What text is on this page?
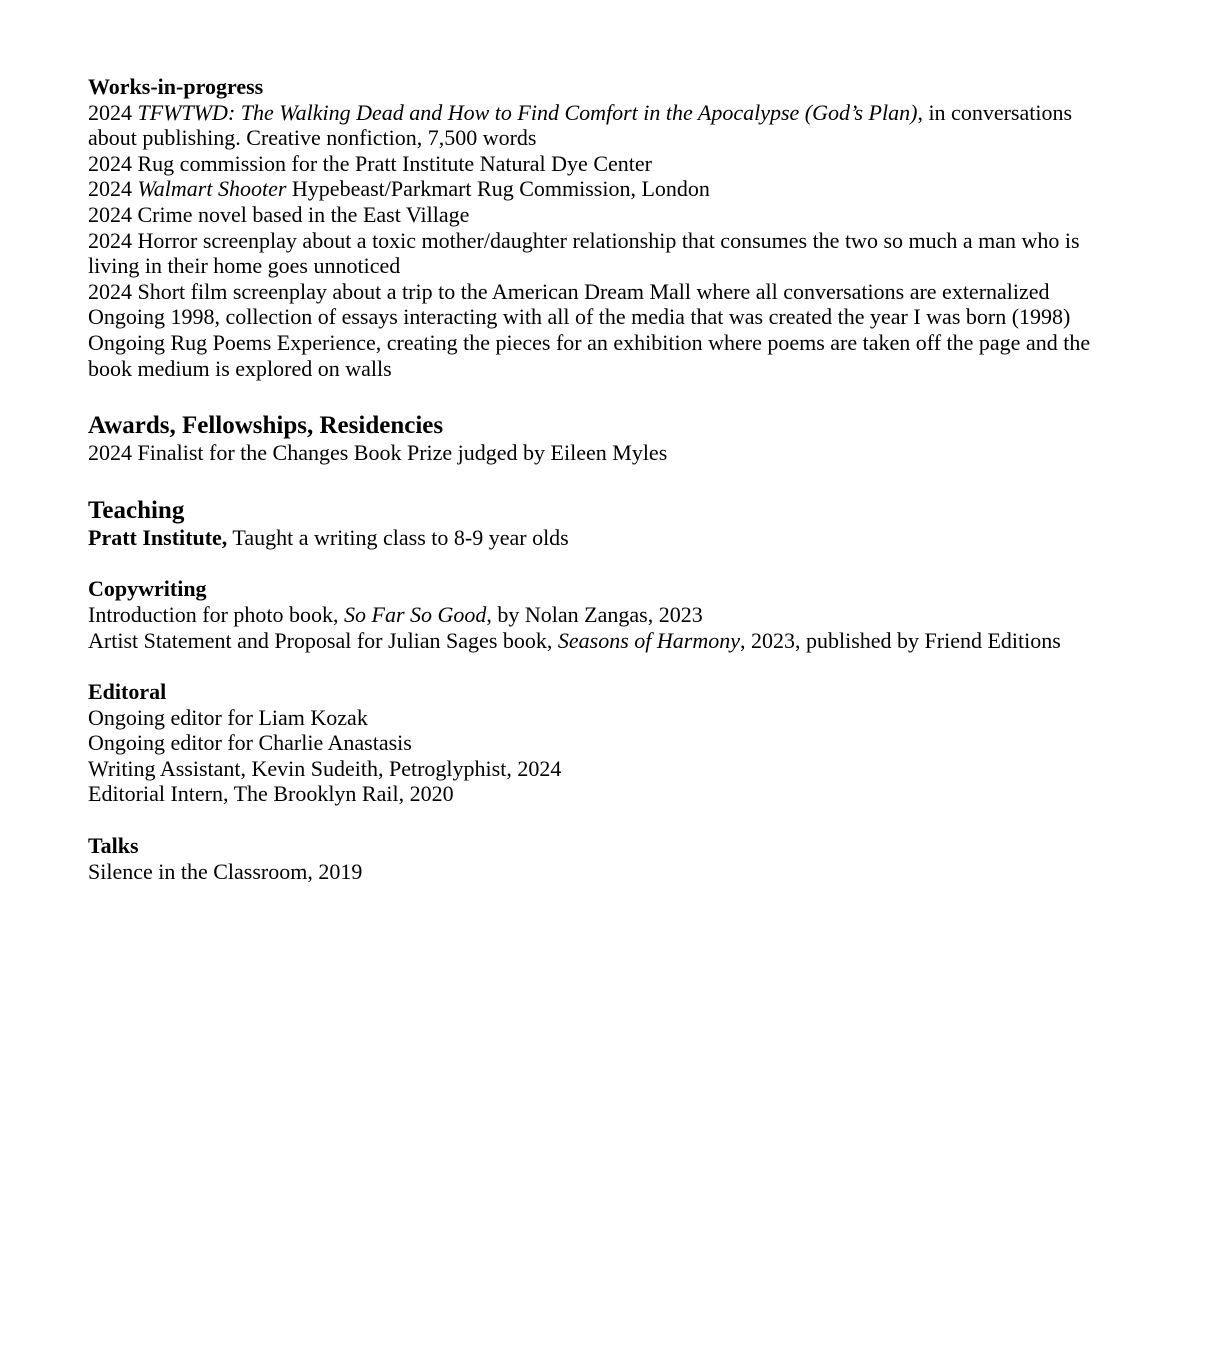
Works-in-progress
2024 TFWTWD: The Walking Dead and How to Find Comfort in the Apocalypse (God’s Plan), in conversations about publishing. Creative nonfiction, 7,500 words
2024 Rug commission for the Pratt Institute Natural Dye Center
2024 Walmart Shooter Hypebeast/Parkmart Rug Commission, London
2024 Crime novel based in the East Village
2024 Horror screenplay about a toxic mother/daughter relationship that consumes the two so much a man who is living in their home goes unnoticed
2024 Short film screenplay about a trip to the American Dream Mall where all conversations are externalized
Ongoing 1998, collection of essays interacting with all of the media that was created the year I was born (1998)
Ongoing Rug Poems Experience, creating the pieces for an exhibition where poems are taken off the page and the book medium is explored on walls
Awards, Fellowships, Residencies
2024 Finalist for the Changes Book Prize judged by Eileen Myles
Teaching
Pratt Institute, Taught a writing class to 8-9 year olds
Copywriting
Introduction for photo book, So Far So Good, by Nolan Zangas, 2023
Artist Statement and Proposal for Julian Sages book, Seasons of Harmony, 2023, published by Friend Editions
Editoral
Ongoing editor for Liam Kozak
Ongoing editor for Charlie Anastasis
Writing Assistant, Kevin Sudeith, Petroglyphist, 2024
Editorial Intern, The Brooklyn Rail, 2020
Talks
Silence in the Classroom, 2019
